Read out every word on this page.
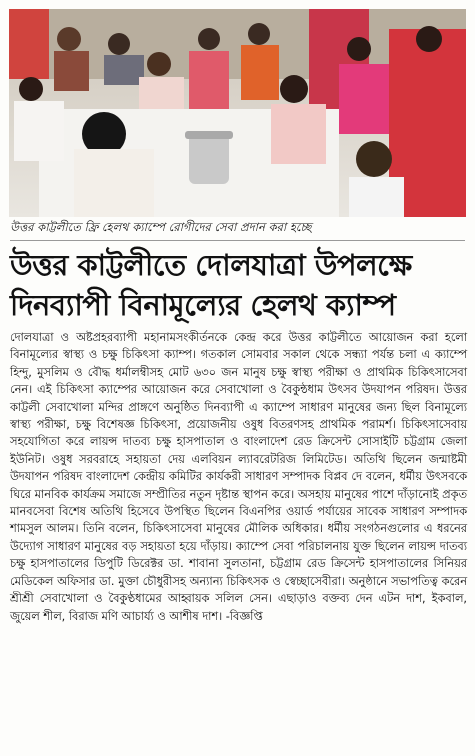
উত্তর কাট্টলীতে ফ্রি হেলথ ক্যাম্পে রোগীদের সেবা প্রদান করা হচ্ছে
উত্তর কাট্টলীতে দোলযাত্রা উপলক্ষে
দিনব্যাপী বিনামূল্যের হেলথ ক্যাম্প

দোলযাত্রা ও অষ্টপ্রহরব্যাপী মহানামসংকীর্তনকে কেন্দ্র করে উত্তর কাট্টলীতে আয়োজন করা হলো বিনামূল্যের স্বাস্থ্য ও চক্ষু চিকিৎসা ক্যাম্প। গতকাল সোমবার সকাল থেকে সন্ধ্যা পর্যন্ত চলা এ ক্যাম্পে হিন্দু, মুসলিম ও বৌদ্ধ ধর্মালম্বীসহ মোট ৬৩০ জন মানুষ চক্ষু স্বাস্থ্য পরীক্ষা ও প্রাথমিক চিকিৎসাসেবা নেন। এই চিকিৎসা ক্যাম্পের আয়োজন করে সেবাখোলা ও বৈকুন্ঠধাম উৎসব উদযাপন পরিষদ। উত্তর কাট্টলী সেবাখোলা মন্দির প্রাঙ্গণে অনুষ্ঠিত দিনব্যাপী এ ক্যাম্পে সাধারণ মানুষের জন্য ছিল বিনামূল্যে স্বাস্থ্য পরীক্ষা, চক্ষু বিশেষজ্ঞ চিকিৎসা, প্রয়োজনীয় ওষুধ বিতরণসহ প্রাথমিক পরামর্শ। চিকিৎসাসেবায় সহযোগিতা করে লায়ন্স দাতব্য চক্ষু হাসপাতাল ও বাংলাদেশ রেড ক্রিসেন্ট সোসাইটি চট্টগ্রাম জেলা ইউনিট। ওষুধ সরবরাহে সহায়তা দেয় এলবিয়ন ল্যাবরেটরিজ লিমিটেড। অতিথি ছিলেন জন্মাষ্টমী উদযাপন পরিষদ বাংলাদেশ কেন্দ্রীয় কমিটির কার্যকরী সাধারণ সম্পাদক বিপ্লব দে বলেন, ধর্মীয় উৎসবকে ঘিরে মানবিক কার্যক্রম সমাজে সম্প্রীতির নতুন দৃষ্টান্ত স্থাপন করে। অসহায় মানুষের পাশে দাঁড়ানোই প্রকৃত মানবসেবা বিশেষ অতিথি হিসেবে উপস্থিত ছিলেন বিএনপির ওয়ার্ড পর্যায়ের সাবেক সাধারণ সম্পাদক শামসুল আলম। তিনি বলেন, চিকিৎসাসেবা মানুষের মৌলিক অধিকার। ধর্মীয় সংগঠনগুলোর এ ধরনের উদ্যোগ সাধারণ মানুষের বড় সহায়তা হয়ে দাঁড়ায়। ক্যাম্পে সেবা পরিচালনায় যুক্ত ছিলেন লায়ন্স দাতব্য চক্ষু হাসপাতালের ডিপুটি ডিরেক্টর ডা. শাবানা সুলতানা, চট্টগ্রাম রেড ক্রিসেন্ট হাসপাতালের সিনিয়র মেডিকেল অফিসার ডা. মুক্তা চৌধুরীসহ অন্যান্য চিকিৎসক ও স্বেচ্ছাসেবীরা। অনুষ্ঠানে সভাপতিত্ব করেন শ্রীশ্রী সেবাখোলা ও বৈকুণ্ঠধামের আহ্বায়ক সলিল সেন। এছাড়াও বক্তব্য দেন এটন দাশ, ইকবাল, জুয়েল শীল, বিরাজ মণি আচার্য্য ও আশীষ দাশ। -বিজ্ঞপ্তি
